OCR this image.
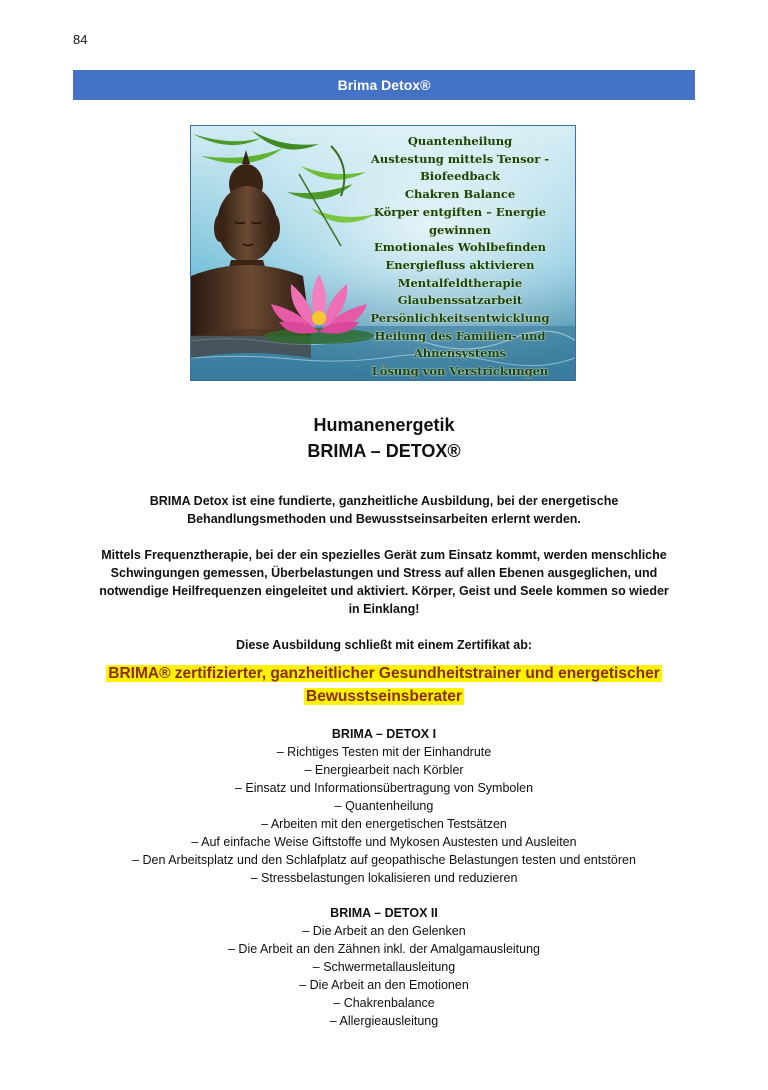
84
Brima Detox®
Quantenheilung
Austestung mittels Tensor -
Biofeedback
Chakren Balance
Körper entgiften – Energie gewinnen
Emotionales Wohlbefinden
Energiefluss aktivieren
Mentalfeldtherapie
Glaubenssatzarbeit
Persönlichkeitsentwicklung
Heilung des Familien- und
Ahnensystems
Lösung von Verstrickungen
Humanenergetik
BRIMA – DETOX®
BRIMA Detox ist eine fundierte, ganzheitliche Ausbildung, bei der energetische
Behandlungsmethoden und Bewusstseinsarbeiten erlernt werden.
Mittels Frequenztherapie, bei der ein spezielles Gerät zum Einsatz kommt, werden menschliche
Schwingungen gemessen, Überbelastungen und Stress auf allen Ebenen ausgeglichen, und
notwendige Heilfrequenzen eingeleitet und aktiviert. Körper, Geist und Seele kommen so wieder
in Einklang!
Diese Ausbildung schließt mit einem Zertifikat ab:
BRIMA® zertifizierter, ganzheitlicher Gesundheitstrainer und energetischer
Bewusstseinsberater
BRIMA – DETOX I
– Richtiges Testen mit der Einhandrute
– Energiearbeit nach Körbler
– Einsatz und Informationsübertragung von Symbolen
– Quantenheilung
– Arbeiten mit den energetischen Testsätzen
– Auf einfache Weise Giftstoffe und Mykosen Austesten und Ausleiten
– Den Arbeitsplatz und den Schlafplatz auf geopathische Belastungen testen und entstören
– Stressbelastungen lokalisieren und reduzieren
BRIMA – DETOX II
– Die Arbeit an den Gelenken
– Die Arbeit an den Zähnen inkl. der Amalgamausleitung
– Schwermetallausleitung
– Die Arbeit an den Emotionen
– Chakrenbalance
– Allergieausleitung
